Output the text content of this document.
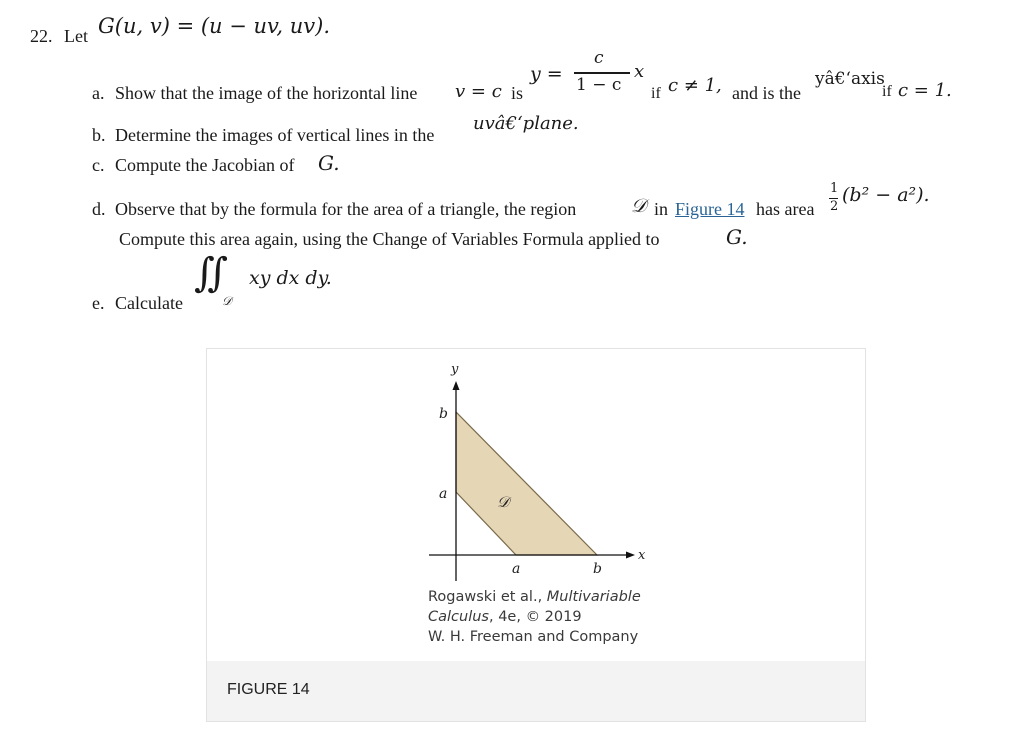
22. Let G(u, v) = (u − uv, uv).
a. Show that the image of the horizontal line v = c is
y =
c
1 − c
x
if c ≠ 1, and is the
yâ€‘axis
if c = 1.
b. Determine the images of vertical lines in the
uvâ€‘plane.
c. Compute the Jacobian of G.
d. Observe that by the formula for the area of a triangle, the region	𝒟 in Figure 14 has area
1
2
(b² − a²).
Compute this area again, using the Change of Variables Formula applied to	G.
e. Calculate
∬
𝒟
xy dx dy.
y
x
b
a
a	b
𝒟
Rogawski et al., Multivariable
Calculus, 4e, © 2019
W. H. Freeman and Company
FIGURE 14
